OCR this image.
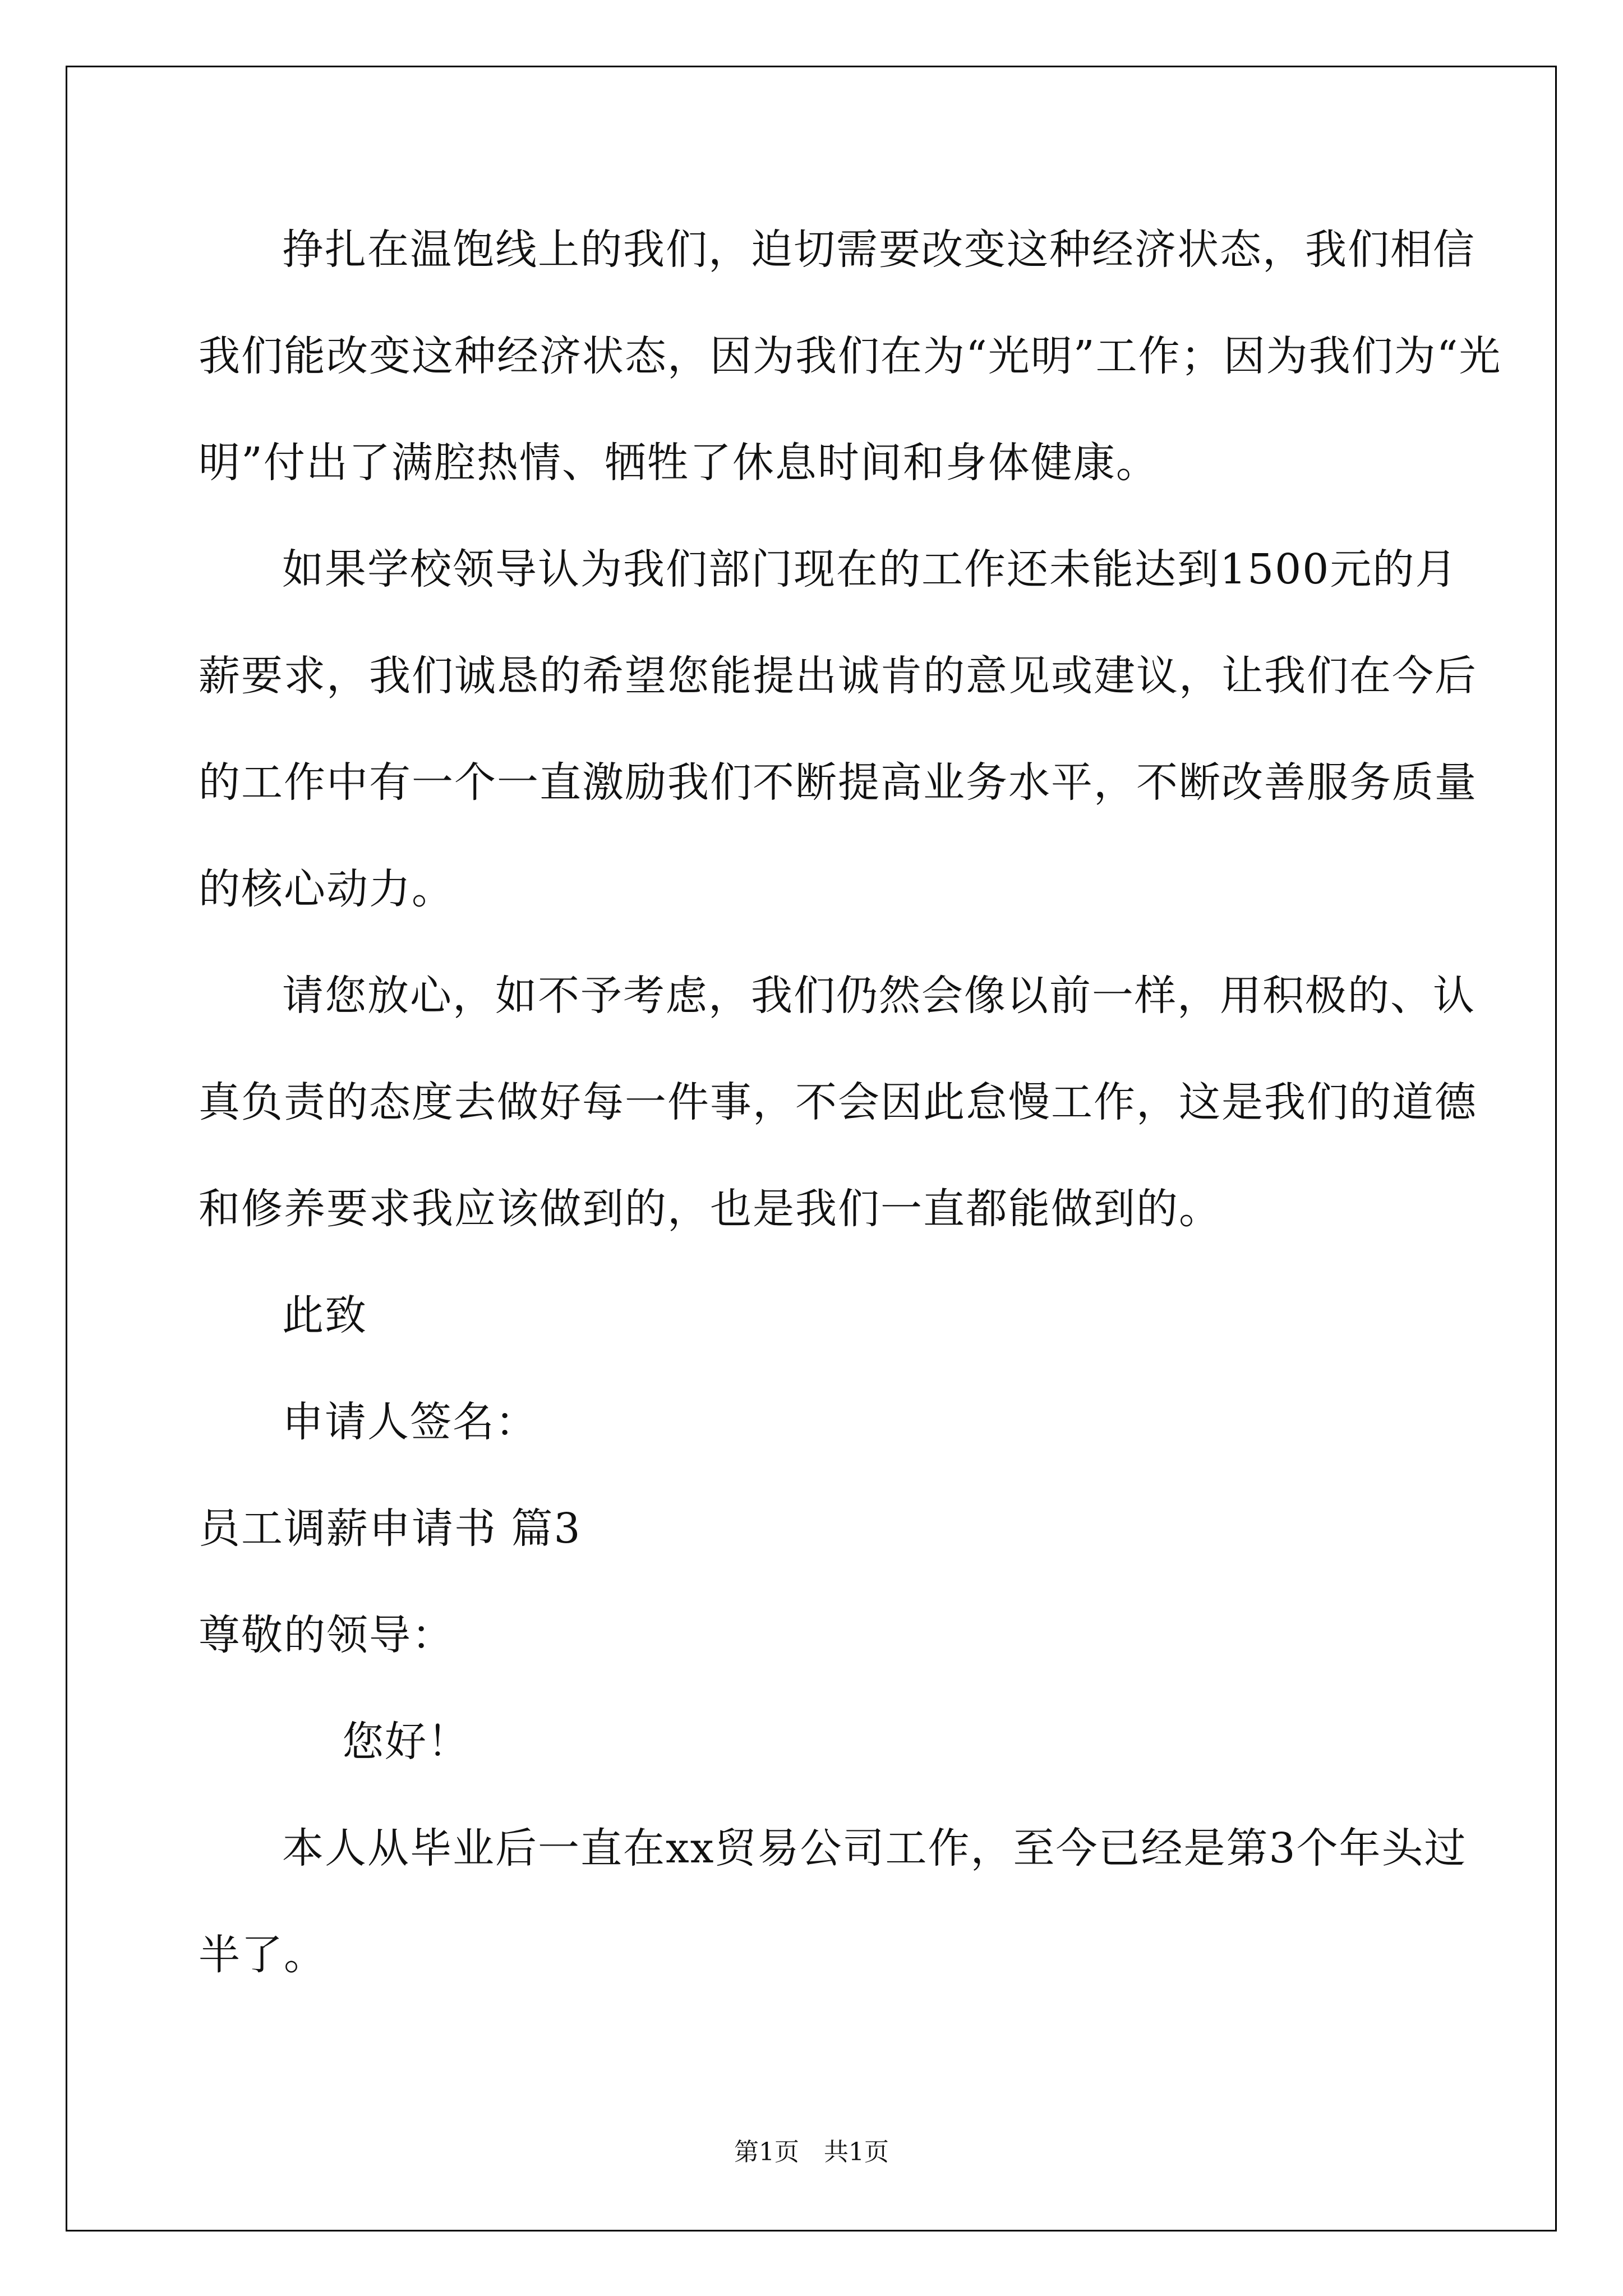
挣扎在温饱线上的我们，迫切需要改变这种经济状态，我们相信
我们能改变这种经济状态，因为我们在为“光明”工作；因为我们为“光
明”付出了满腔热情、牺牲了休息时间和身体健康。
如果学校领导认为我们部门现在的工作还未能达到1500元的月
薪要求，我们诚恳的希望您能提出诚肯的意见或建议，让我们在今后
的工作中有一个一直激励我们不断提高业务水平，不断改善服务质量
的核心动力。
请您放心，如不予考虑，我们仍然会像以前一样，用积极的、认
真负责的态度去做好每一件事，不会因此怠慢工作，这是我们的道德
和修养要求我应该做到的，也是我们一直都能做到的。
此致
申请人签名：
员工调薪申请书 篇3
尊敬的领导：
您好！
本人从毕业后一直在xx贸易公司工作，至今已经是第3个年头过
半了。
第1页　共1页
